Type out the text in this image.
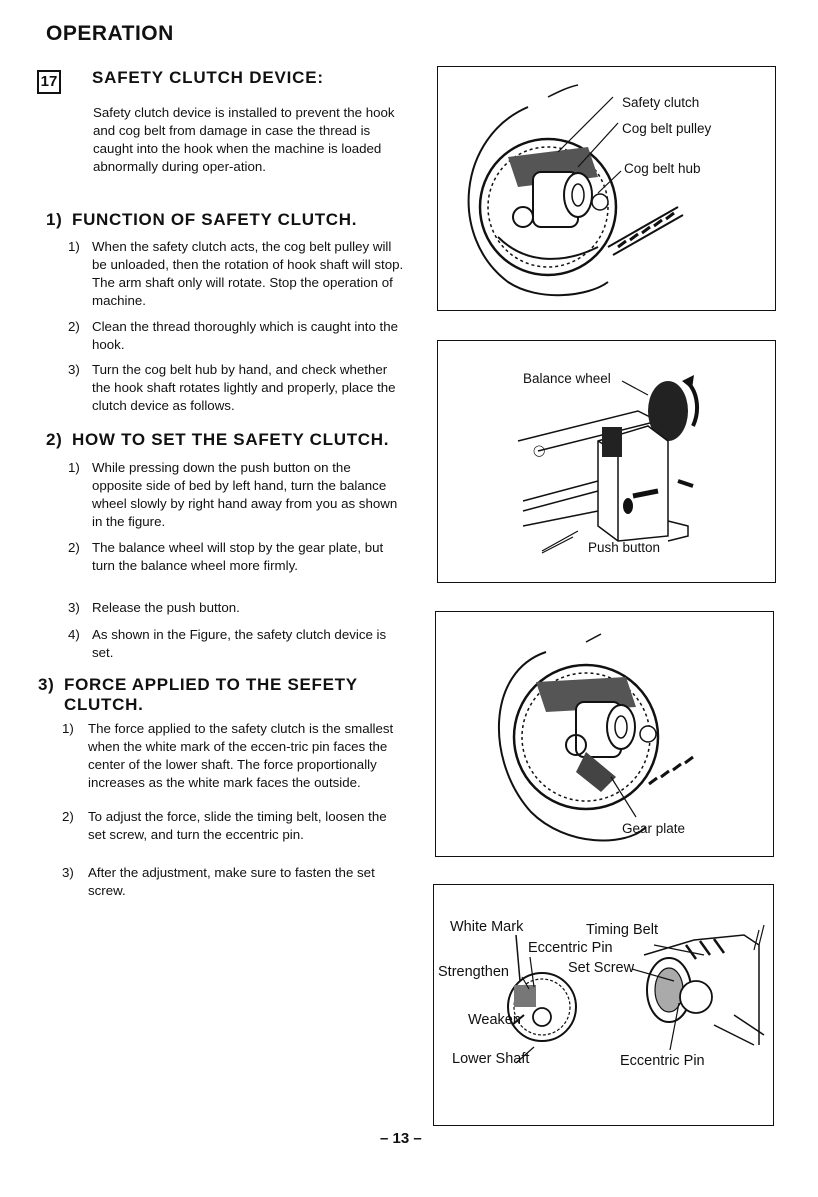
OPERATION
17 SAFETY CLUTCH DEVICE:
Safety clutch device is installed to prevent the hook and cog belt from damage in case the thread is caught into the hook when the machine is loaded abnormally during oper-ation.
1) FUNCTION OF SAFETY CLUTCH.
1) When the safety clutch acts, the cog belt pulley will be unloaded, then the rotation of hook shaft will stop. The arm shaft only will rotate. Stop the operation of machine.
2) Clean the thread thoroughly which is caught into the hook.
3) Turn the cog belt hub by hand, and check whether the hook shaft rotates lightly and properly, place the clutch device as follows.
2) HOW TO SET THE SAFETY CLUTCH.
1) While pressing down the push button on the opposite side of bed by left hand, turn the balance wheel slowly by right hand away from you as shown in the figure.
2) The balance wheel will stop by the gear plate, but turn the balance wheel more firmly.
3) Release the push button.
4) As shown in the Figure, the safety clutch device is set.
3) FORCE APPLIED TO THE SEFETY CLUTCH.
1) The force applied to the safety clutch is the smallest when the white mark of the eccen-tric pin faces the center of the lower shaft. The force proportionally increases as the white mark faces the outside.
2) To adjust the force, slide the timing belt, loosen the set screw, and turn the eccentric pin.
3) After the adjustment, make sure to fasten the set screw.
Safety clutch
Cog belt pulley
Cog belt hub
◯
Balance wheel
Push button
Gear plate
White Mark	Timing Belt
Eccentric Pin
Strengthen	Set Screw
Weaken
Lower Shaft	Eccentric Pin
– 13 –
